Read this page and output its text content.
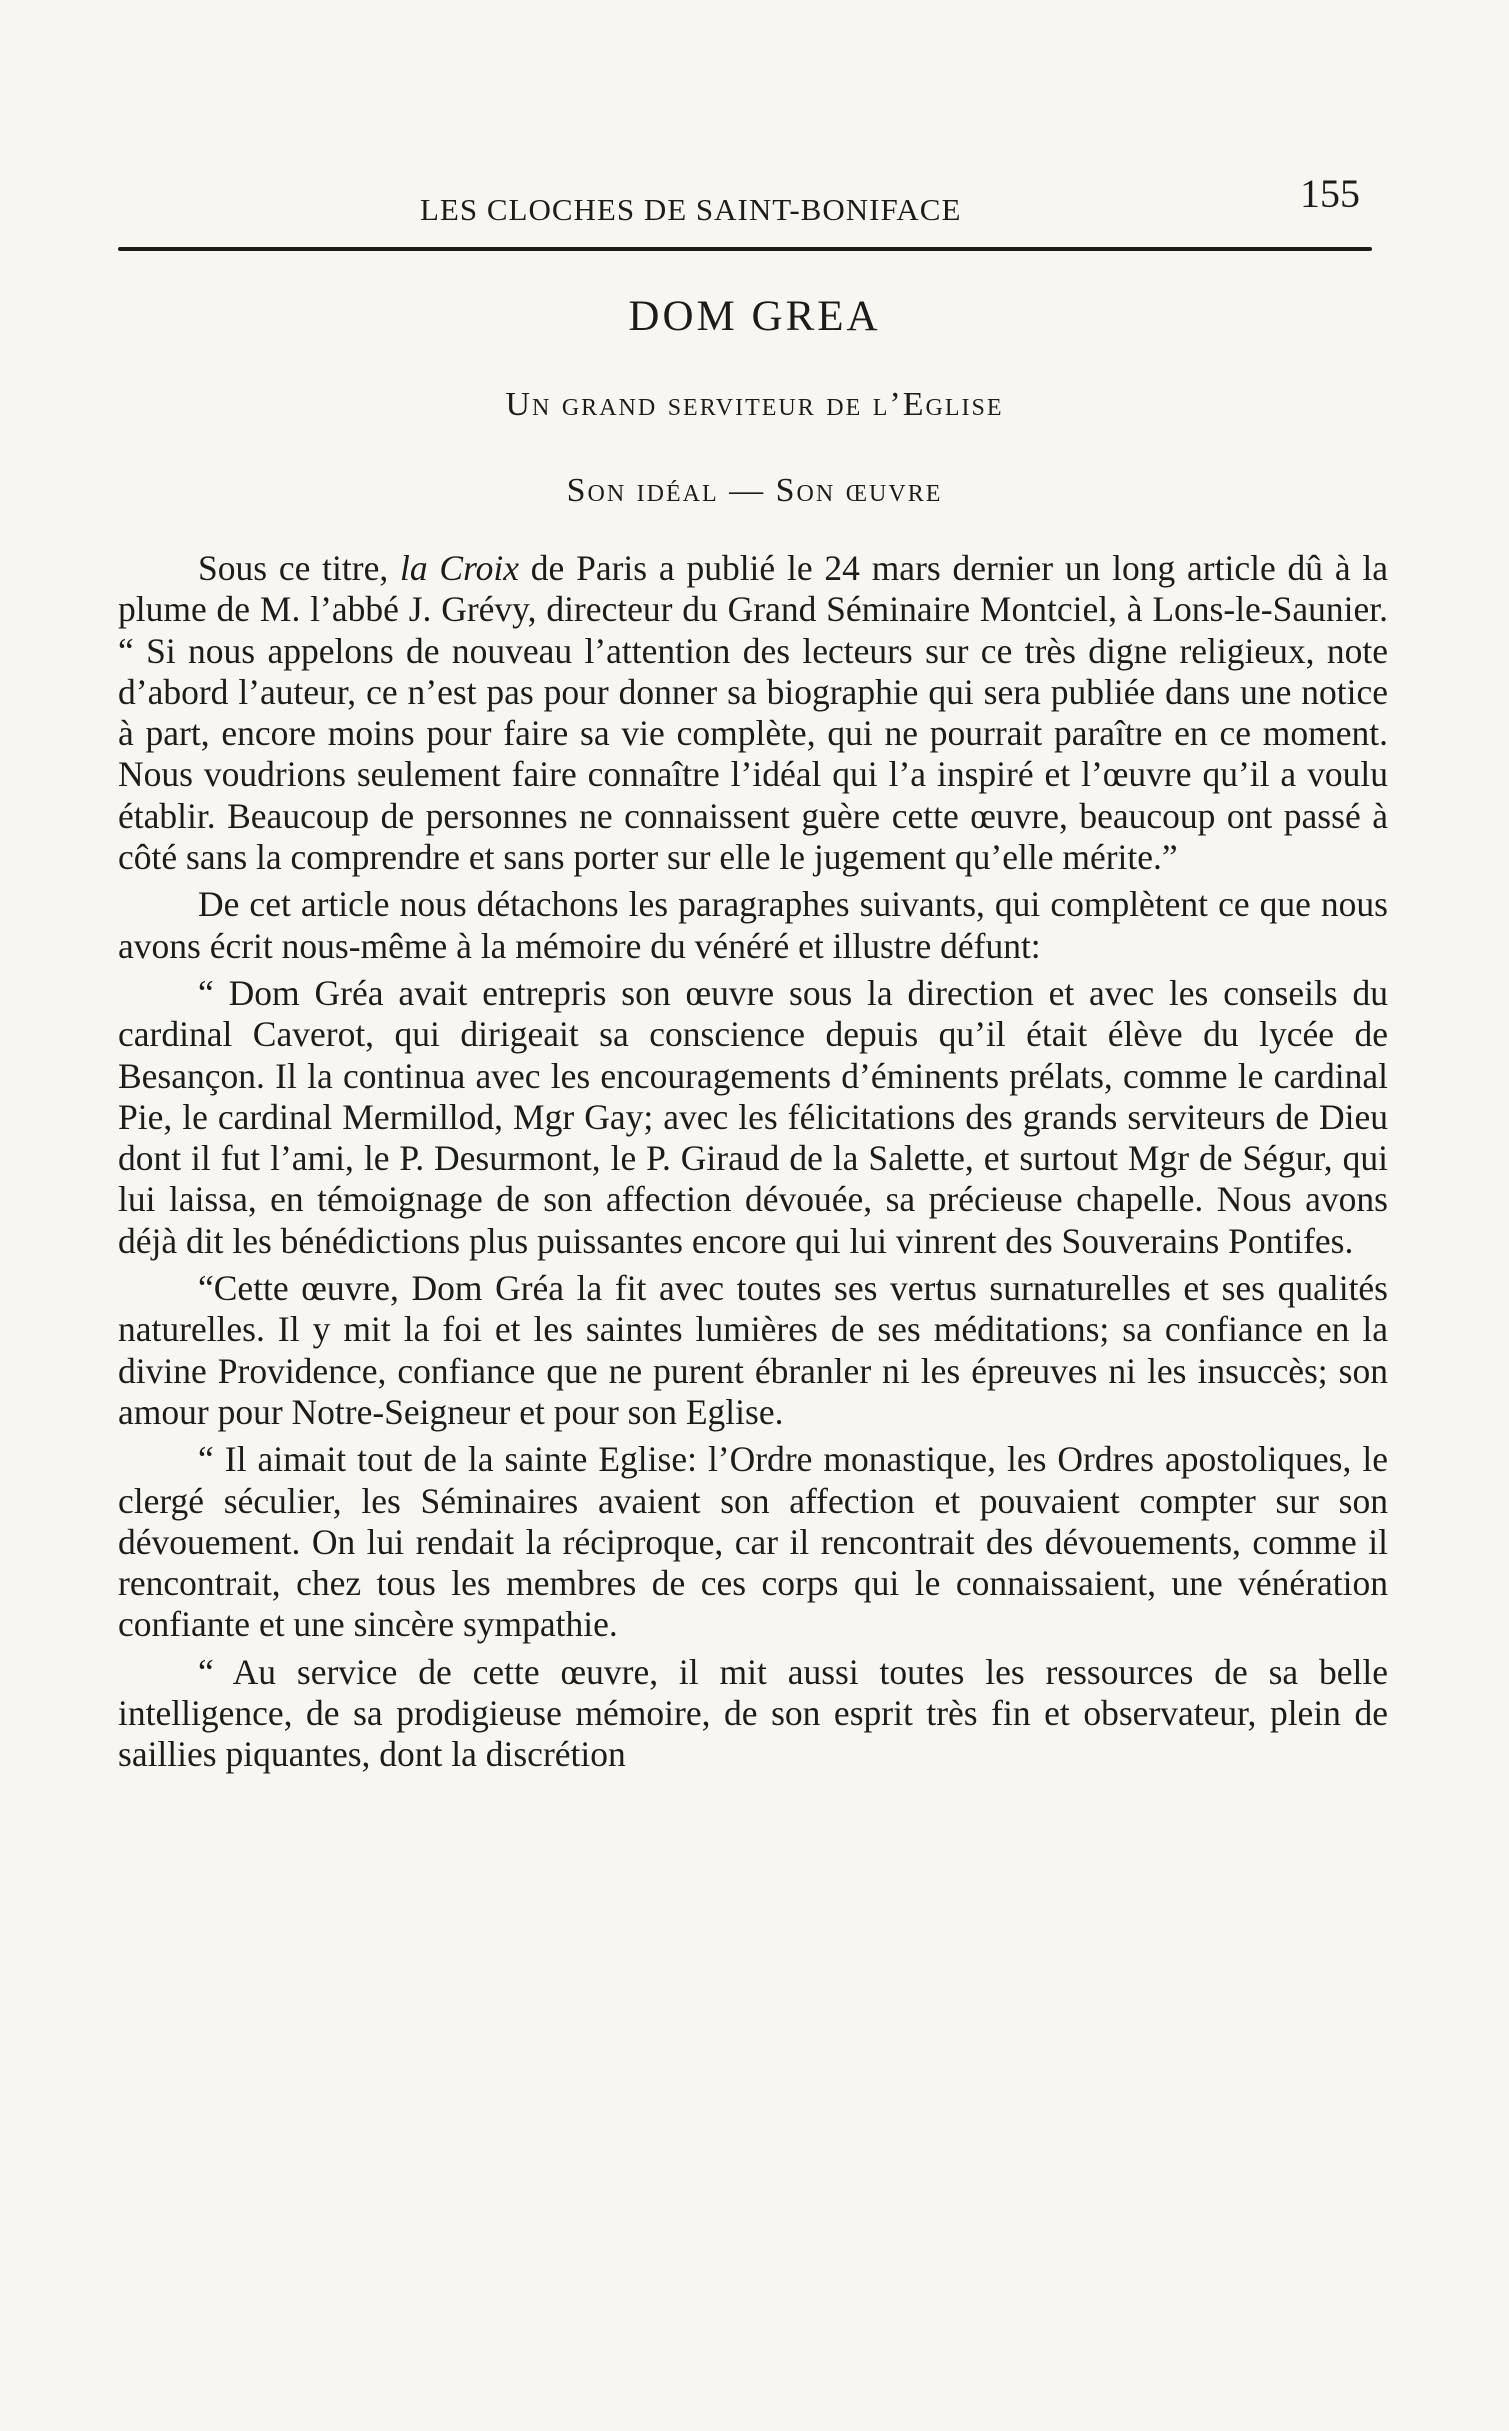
LES CLOCHES DE SAINT-BONIFACE	155
DOM GREA
Un grand serviteur de l’Eglise
Son idéal — Son œuvre

Sous ce titre, la Croix de Paris a publié le 24 mars dernier un long article dû à la plume de M. l’abbé J. Grévy, directeur du Grand Séminaire Montciel, à Lons-le-Saunier. “ Si nous appelons de nouveau l’attention des lecteurs sur ce très digne religieux, note d’abord l’auteur, ce n’est pas pour donner sa biographie qui sera publiée dans une notice à part, encore moins pour faire sa vie complète, qui ne pourrait paraître en ce moment. Nous voudrions seulement faire connaître l’idéal qui l’a inspiré et l’œuvre qu’il a voulu établir. Beaucoup de personnes ne connaissent guère cette œuvre, beaucoup ont passé à côté sans la comprendre et sans porter sur elle le jugement qu’elle mérite.”

De cet article nous détachons les paragraphes suivants, qui complètent ce que nous avons écrit nous-même à la mémoire du vénéré et illustre défunt:

“ Dom Gréa avait entrepris son œuvre sous la direction et avec les conseils du cardinal Caverot, qui dirigeait sa conscience depuis qu’il était élève du lycée de Besançon. Il la continua avec les encouragements d’éminents prélats, comme le cardinal Pie, le cardinal Mermillod, Mgr Gay; avec les félicitations des grands serviteurs de Dieu dont il fut l’ami, le P. Desurmont, le P. Giraud de la Salette, et surtout Mgr de Ségur, qui lui laissa, en témoignage de son affection dévouée, sa précieuse chapelle. Nous avons déjà dit les bénédictions plus puissantes encore qui lui vinrent des Souverains Pontifes.

“Cette œuvre, Dom Gréa la fit avec toutes ses vertus surnaturelles et ses qualités naturelles. Il y mit la foi et les saintes lumières de ses méditations; sa confiance en la divine Providence, confiance que ne purent ébranler ni les épreuves ni les insuccès; son amour pour Notre-Seigneur et pour son Eglise.

“ Il aimait tout de la sainte Eglise: l’Ordre monastique, les Ordres apostoliques, le clergé séculier, les Séminaires avaient son affection et pouvaient compter sur son dévouement. On lui rendait la réciproque, car il rencontrait des dévouements, comme il rencontrait, chez tous les membres de ces corps qui le connaissaient, une vénération confiante et une sincère sympathie.

“ Au service de cette œuvre, il mit aussi toutes les ressources de sa belle intelligence, de sa prodigieuse mémoire, de son esprit très fin et observateur, plein de saillies piquantes, dont la discrétion
